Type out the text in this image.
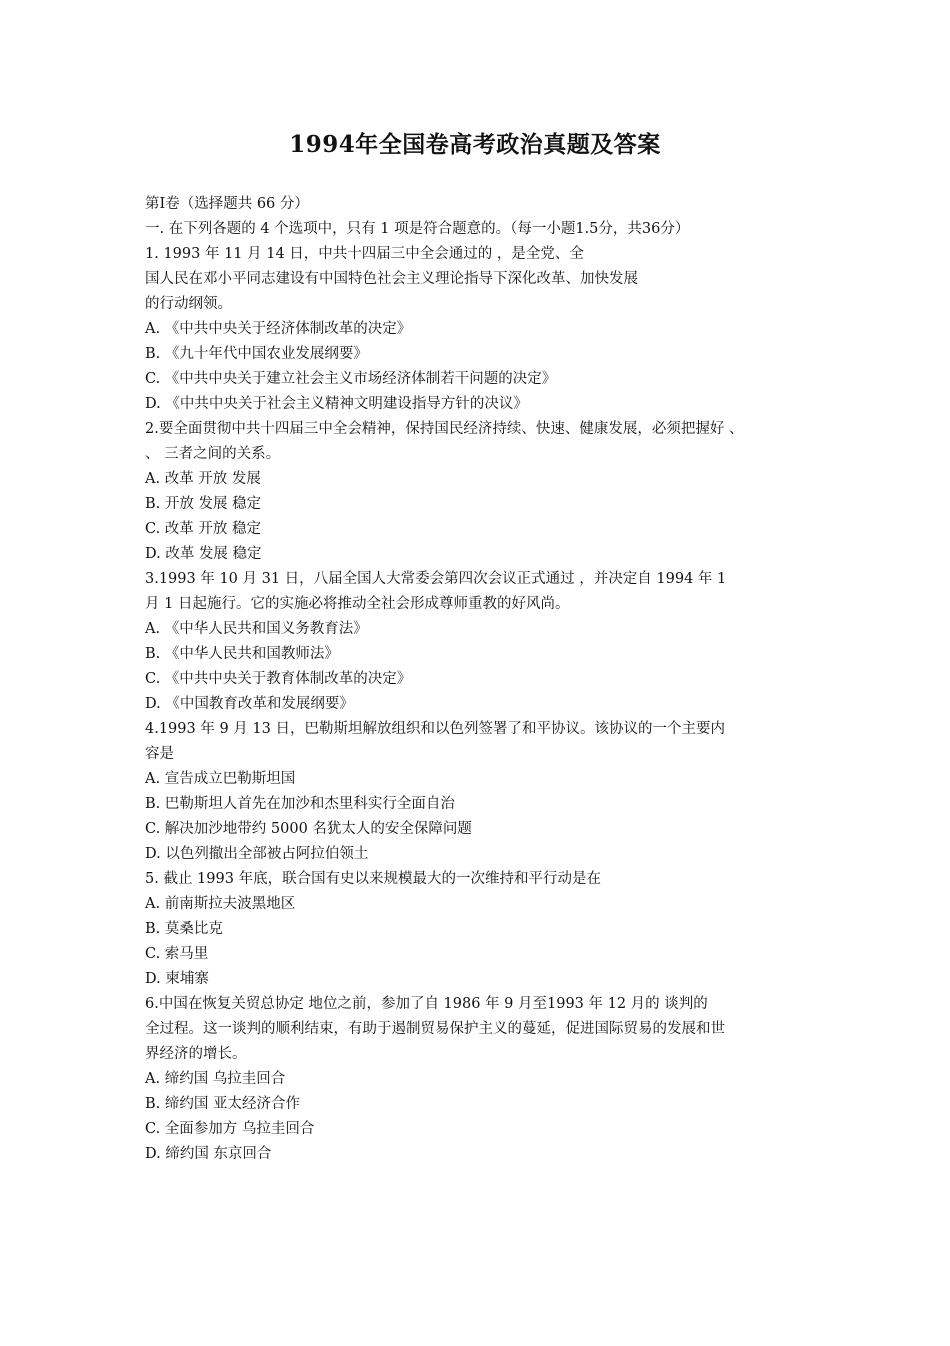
1994年全国卷高考政治真题及答案
第Ⅰ卷（选择题共 66 分）
一. 在下列各题的 4 个选项中，只有 1 项是符合题意的。（每一小题1.5分，共36分）
1. 1993 年 11 月 14 日，中共十四届三中全会通过的 ，是全党、全
国人民在邓小平同志建设有中国特色社会主义理论指导下深化改革、加快发展
的行动纲领。
A. 《中共中央关于经济体制改革的决定》
B. 《九十年代中国农业发展纲要》
C. 《中共中央关于建立社会主义市场经济体制若干问题的决定》
D. 《中共中央关于社会主义精神文明建设指导方针的决议》
2.要全面贯彻中共十四届三中全会精神，保持国民经济持续、快速、健康发展，必须把握好 、
、 三者之间的关系。
A. 改革 开放 发展
B. 开放 发展 稳定
C. 改革 开放 稳定
D. 改革 发展 稳定
3.1993 年 10 月 31 日，八届全国人大常委会第四次会议正式通过 ，并决定自 1994 年 1
月 1 日起施行。它的实施必将推动全社会形成尊师重教的好风尚。
A. 《中华人民共和国义务教育法》
B. 《中华人民共和国教师法》
C. 《中共中央关于教育体制改革的决定》
D. 《中国教育改革和发展纲要》
4.1993 年 9 月 13 日，巴勒斯坦解放组织和以色列签署了和平协议。该协议的一个主要内
容是
A. 宣告成立巴勒斯坦国
B. 巴勒斯坦人首先在加沙和杰里科实行全面自治
C. 解决加沙地带约 5000 名犹太人的安全保障问题
D. 以色列撤出全部被占阿拉伯领土
5. 截止 1993 年底，联合国有史以来规模最大的一次维持和平行动是在
A. 前南斯拉夫波黑地区
B. 莫桑比克
C. 索马里
D. 柬埔寨
6.中国在恢复关贸总协定 地位之前，参加了自 1986 年 9 月至1993 年 12 月的 谈判的
全过程。这一谈判的顺利结束，有助于遏制贸易保护主义的蔓延，促进国际贸易的发展和世
界经济的增长。
A. 缔约国 乌拉圭回合
B. 缔约国 亚太经济合作
C. 全面参加方 乌拉圭回合
D. 缔约国 东京回合
